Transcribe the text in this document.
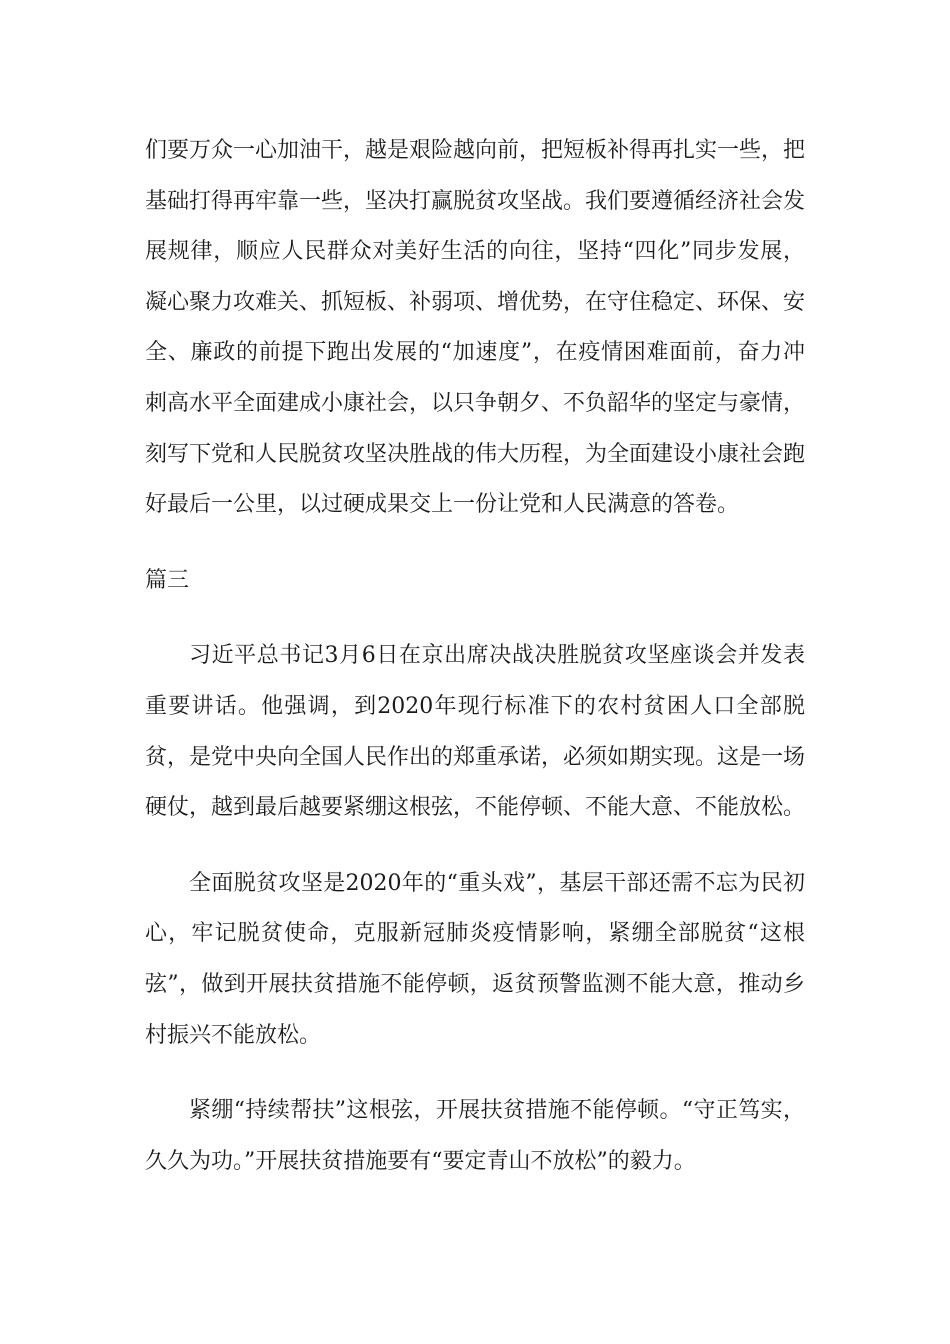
们要万众一心加油干，越是艰险越向前，把短板补得再扎实一些，把基础打得再牢靠一些，坚决打赢脱贫攻坚战。我们要遵循经济社会发展规律，顺应人民群众对美好生活的向往，坚持“四化”同步发展，凝心聚力攻难关、抓短板、补弱项、增优势，在守住稳定、环保、安全、廉政的前提下跑出发展的“加速度”，在疫情困难面前，奋力冲刺高水平全面建成小康社会，以只争朝夕、不负韶华的坚定与豪情，刻写下党和人民脱贫攻坚决胜战的伟大历程，为全面建设小康社会跑好最后一公里，以过硬成果交上一份让党和人民满意的答卷。

篇三

习近平总书记3月6日在京出席决战决胜脱贫攻坚座谈会并发表重要讲话。他强调，到2020年现行标准下的农村贫困人口全部脱贫，是党中央向全国人民作出的郑重承诺，必须如期实现。这是一场硬仗，越到最后越要紧绷这根弦，不能停顿、不能大意、不能放松。

全面脱贫攻坚是2020年的“重头戏”，基层干部还需不忘为民初心，牢记脱贫使命，克服新冠肺炎疫情影响，紧绷全部脱贫“这根弦”，做到开展扶贫措施不能停顿，返贫预警监测不能大意，推动乡村振兴不能放松。

紧绷“持续帮扶”这根弦，开展扶贫措施不能停顿。“守正笃实，久久为功。”开展扶贫措施要有“要定青山不放松”的毅力。
